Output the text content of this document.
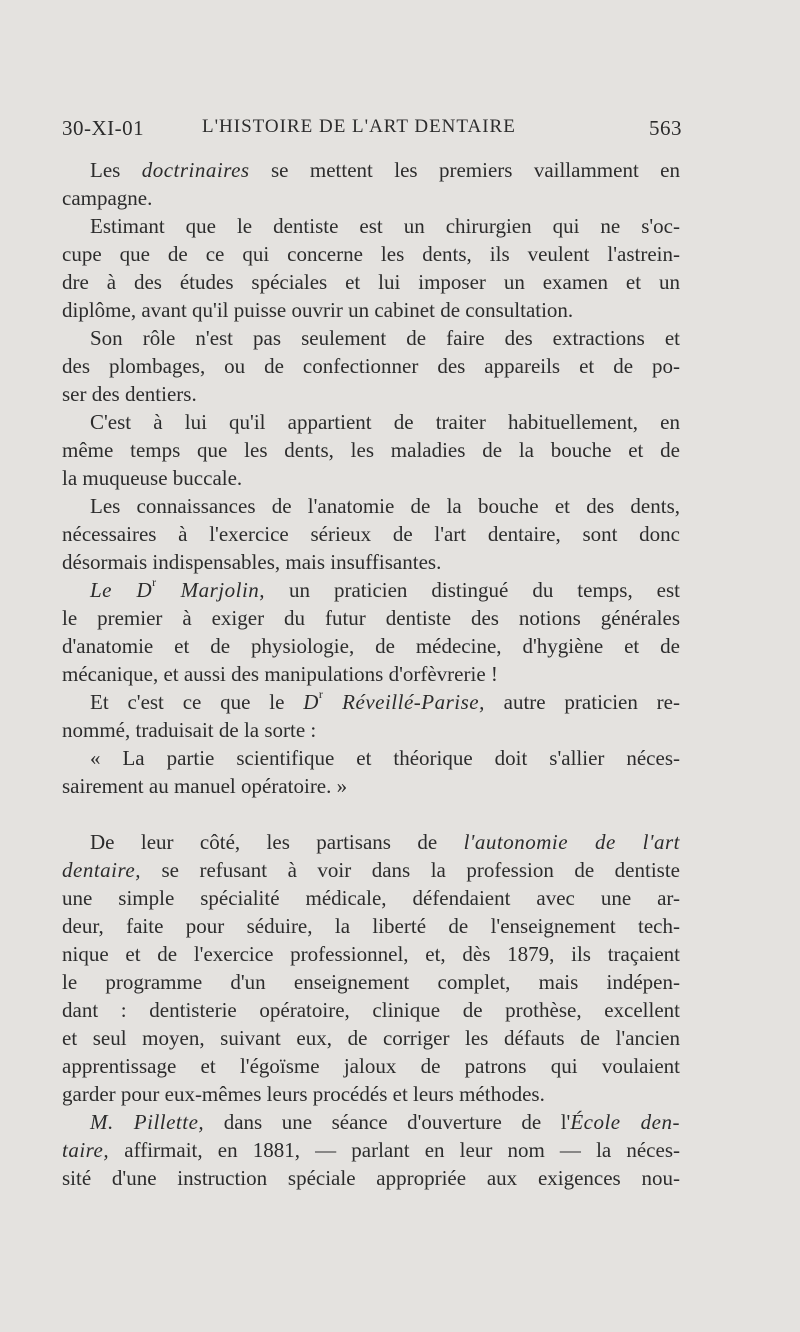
30-XI-01	L'HISTOIRE DE L'ART DENTAIRE	563
Les doctrinaires se mettent les premiers vaillamment en
campagne.
Estimant que le dentiste est un chirurgien qui ne s'oc-
cupe que de ce qui concerne les dents, ils veulent l'astrein-
dre à des études spéciales et lui imposer un examen et un
diplôme, avant qu'il puisse ouvrir un cabinet de consultation.
Son rôle n'est pas seulement de faire des extractions et
des plombages, ou de confectionner des appareils et de po-
ser des dentiers.
C'est à lui qu'il appartient de traiter habituellement, en
même temps que les dents, les maladies de la bouche et de
la muqueuse buccale.
Les connaissances de l'anatomie de la bouche et des dents,
nécessaires à l'exercice sérieux de l'art dentaire, sont donc
désormais indispensables, mais insuffisantes.
Le $D^r$ Marjolin, un praticien distingué du temps, est
le premier à exiger du futur dentiste des notions générales
d'anatomie et de physiologie, de médecine, d'hygiène et de
mécanique, et aussi des manipulations d'orfèvrerie !
Et c'est ce que le $D^r$ Réveillé-Parise, autre praticien re-
nommé, traduisait de la sorte :
« La partie scientifique et théorique doit s'allier néces-
sairement au manuel opératoire. »
De leur côté, les partisans de l'autonomie de l'art
dentaire, se refusant à voir dans la profession de dentiste
une simple spécialité médicale, défendaient avec une ar-
deur, faite pour séduire, la liberté de l'enseignement tech-
nique et de l'exercice professionnel, et, dès 1879, ils traçaient
le programme d'un enseignement complet, mais indépen-
dant : dentisterie opératoire, clinique de prothèse, excellent
et seul moyen, suivant eux, de corriger les défauts de l'ancien
apprentissage et l'égoïsme jaloux de patrons qui voulaient
garder pour eux-mêmes leurs procédés et leurs méthodes.
M. Pillette, dans une séance d'ouverture de l'École den-
taire, affirmait, en 1881, — parlant en leur nom — la néces-
sité d'une instruction spéciale appropriée aux exigences nou-
